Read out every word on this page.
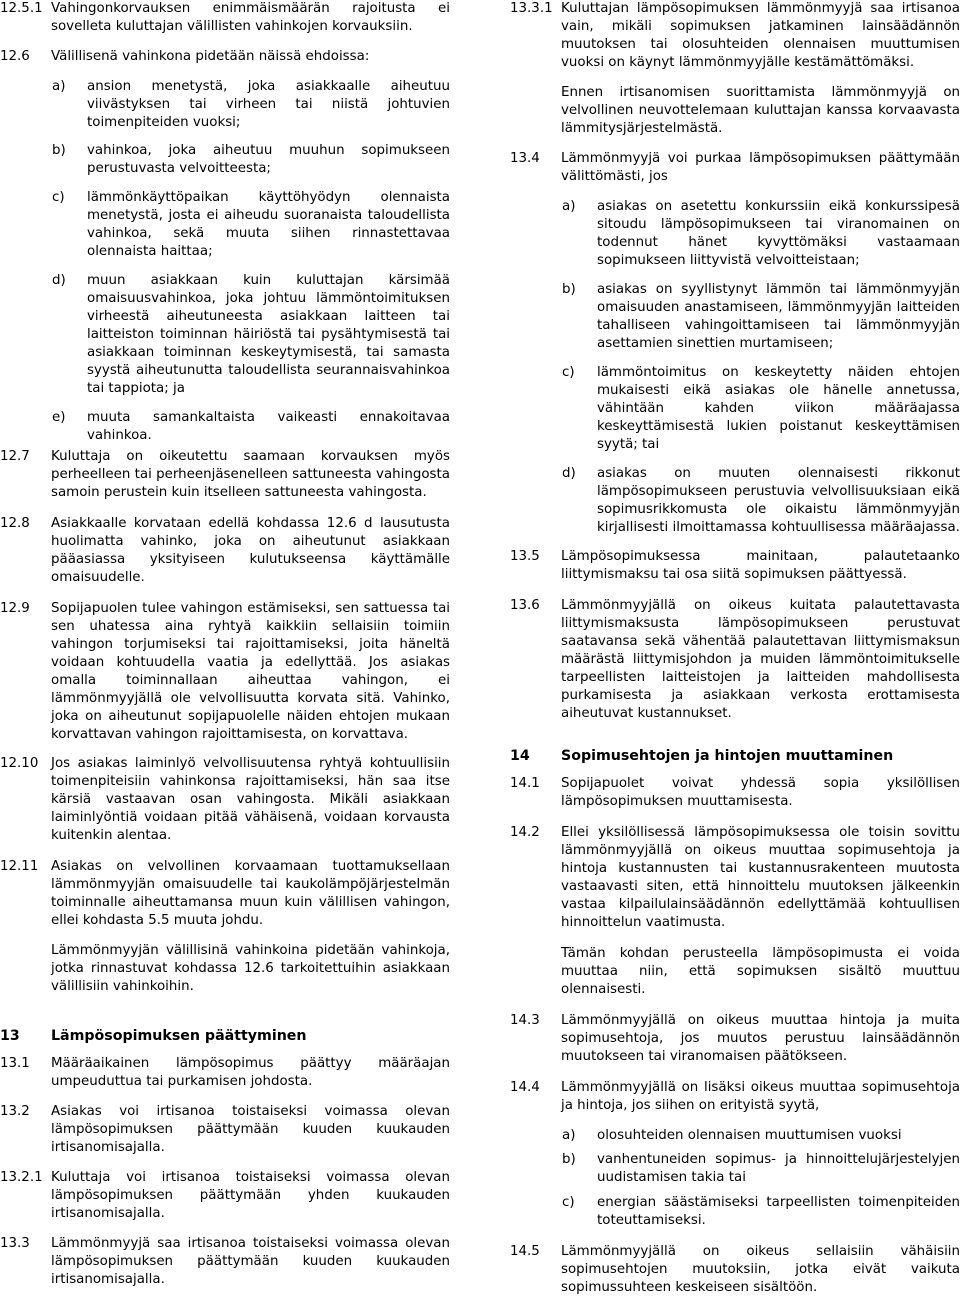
12.5.1 Vahingonkorvauksen enimmäismäärän rajoitusta ei sovelleta kuluttajan välillisten vahinkojen korvauksiin.
12.6 Välillisenä vahinkona pidetään näissä ehdoissa:
a) ansion menetystä, joka asiakkaalle aiheutuu viivästyksen tai virheen tai niistä johtuvien toimenpiteiden vuoksi;
b) vahinkoa, joka aiheutuu muuhun sopimukseen perustuvasta velvoitteesta;
c) lämmönkäyttöpaikan käyttöhyödyn olennaista menetystä, josta ei aiheudu suoranaista taloudellista vahinkoa, sekä muuta siihen rinnastettavaa olennaista haittaa;
d) muun asiakkaan kuin kuluttajan kärsimää omaisuusvahinkoa, joka johtuu lämmöntoimituksen virheestä aiheutuneesta asiakkaan laitteen tai laitteiston toiminnan häiriöstä tai pysähtymisestä tai asiakkaan toiminnan keskeytymisestä, tai samasta syystä aiheutunutta taloudellista seurannaisvahinkoa tai tappiota; ja
e) muuta samankaltaista vaikeasti ennakoitavaa vahinkoa.
12.7 Kuluttaja on oikeutettu saamaan korvauksen myös perheelleen tai perheenjäsenelleen sattuneesta vahingosta samoin perustein kuin itselleen sattuneesta vahingosta.
12.8 Asiakkaalle korvataan edellä kohdassa 12.6 d lausutusta huolimatta vahinko, joka on aiheutunut asiakkaan pääasiassa yksityiseen kulutukseensa käyttämälle omaisuudelle.
12.9 Sopijapuolen tulee vahingon estämiseksi, sen sattuessa tai sen uhatessa aina ryhtyä kaikkiin sellaisiin toimiin vahingon torjumiseksi tai rajoittamiseksi, joita häneltä voidaan kohtuudella vaatia ja edellyttää. Jos asiakas omalla toiminnallaan aiheuttaa vahingon, ei lämmönmyyjällä ole velvollisuutta korvata sitä. Vahinko, joka on aiheutunut sopijapuolelle näiden ehtojen mukaan korvattavan vahingon rajoittamisesta, on korvattava.
12.10 Jos asiakas laiminlyö velvollisuutensa ryhtyä kohtuullisiin toimenpiteisiin vahinkonsa rajoittamiseksi, hän saa itse kärsiä vastaavan osan vahingosta. Mikäli asiakkaan laiminlyöntiä voidaan pitää vähäisenä, voidaan korvausta kuitenkin alentaa.
12.11 Asiakas on velvollinen korvaamaan tuottamuksellaan lämmönmyyjän omaisuudelle tai kaukolämpöjärjestelmän toiminnalle aiheuttamansa muun kuin välillisen vahingon, ellei kohdasta 5.5 muuta johdu.
Lämmönmyyjän välillisinä vahinkoina pidetään vahinkoja, jotka rinnastuvat kohdassa 12.6 tarkoitettuihin asiakkaan välillisiin vahinkoihin.
13 Lämpösopimuksen päättyminen
13.1 Määräaikainen lämpösopimus päättyy määräajan umpeuduttua tai purkamisen johdosta.
13.2 Asiakas voi irtisanoa toistaiseksi voimassa olevan lämpösopimuksen päättymään kuuden kuukauden irtisanomisajalla.
13.2.1 Kuluttaja voi irtisanoa toistaiseksi voimassa olevan lämpösopimuksen päättymään yhden kuukauden irtisanomisajalla.
13.3 Lämmönmyyjä saa irtisanoa toistaiseksi voimassa olevan lämpösopimuksen päättymään kuuden kuukauden irtisanomisajalla.
13.3.1 Kuluttajan lämpösopimuksen lämmönmyyjä saa irtisanoa vain, mikäli sopimuksen jatkaminen lainsäädännön muutoksen tai olosuhteiden olennaisen muuttumisen vuoksi on käynyt lämmönmyyjälle kestämättömäksi.
Ennen irtisanomisen suorittamista lämmönmyyjä on velvollinen neuvottelemaan kuluttajan kanssa korvaavasta lämmitysjärjestelmästä.
13.4 Lämmönmyyjä voi purkaa lämpösopimuksen päättymään välittömästi, jos
a) asiakas on asetettu konkurssiin eikä konkurssipesä sitoudu lämpösopimukseen tai viranomainen on todennut hänet kyvyttömäksi vastaamaan sopimukseen liittyvistä velvoitteistaan;
b) asiakas on syyllistynyt lämmön tai lämmönmyyjän omaisuuden anastamiseen, lämmönmyyjän laitteiden tahalliseen vahingoittamiseen tai lämmönmyyjän asettamien sinettien murtamiseen;
c) lämmöntoimitus on keskeytetty näiden ehtojen mukaisesti eikä asiakas ole hänelle annetussa, vähintään kahden viikon määräajassa keskeyttämisestä lukien poistanut keskeyttämisen syytä; tai
d) asiakas on muuten olennaisesti rikkonut lämpösopimukseen perustuvia velvollisuuksiaan eikä sopimusrikkomusta ole oikaistu lämmönmyyjän kirjallisesti ilmoittamassa kohtuullisessa määräajassa.
13.5 Lämpösopimuksessa mainitaan, palautetaanko liittymismaksu tai osa siitä sopimuksen päättyessä.
13.6 Lämmönmyyjällä on oikeus kuitata palautettavasta liittymismaksusta lämpösopimukseen perustuvat saatavansa sekä vähentää palautettavan liittymismaksun määrästä liittymisjohdon ja muiden lämmöntoimitukselle tarpeellisten laitteistojen ja laitteiden mahdollisesta purkamisesta ja asiakkaan verkosta erottamisesta aiheutuvat kustannukset.
14 Sopimusehtojen ja hintojen muuttaminen
14.1 Sopijapuolet voivat yhdessä sopia yksilöllisen lämpösopimuksen muuttamisesta.
14.2 Ellei yksilöllisessä lämpösopimuksessa ole toisin sovittu lämmönmyyjällä on oikeus muuttaa sopimusehtoja ja hintoja kustannusten tai kustannusrakenteen muutosta vastaavasti siten, että hinnoittelu muutoksen jälkeenkin vastaa kilpailulainsäädännön edellyttämää kohtuullisen hinnoittelun vaatimusta.
Tämän kohdan perusteella lämpösopimusta ei voida muuttaa niin, että sopimuksen sisältö muuttuu olennaisesti.
14.3 Lämmönmyyjällä on oikeus muuttaa hintoja ja muita sopimusehtoja, jos muutos perustuu lainsäädännön muutokseen tai viranomaisen päätökseen.
14.4 Lämmönmyyjällä on lisäksi oikeus muuttaa sopimusehtoja ja hintoja, jos siihen on erityistä syytä,
a) olosuhteiden olennaisen muuttumisen vuoksi
b) vanhentuneiden sopimus- ja hinnoittelujärjestelyjen uudistamisen takia tai
c) energian säästämiseksi tarpeellisten toimenpiteiden toteuttamiseksi.
14.5 Lämmönmyyjällä on oikeus sellaisiin vähäisiin sopimusehtojen muutoksiin, jotka eivät vaikuta sopimussuhteen keskeiseen sisältöön.
